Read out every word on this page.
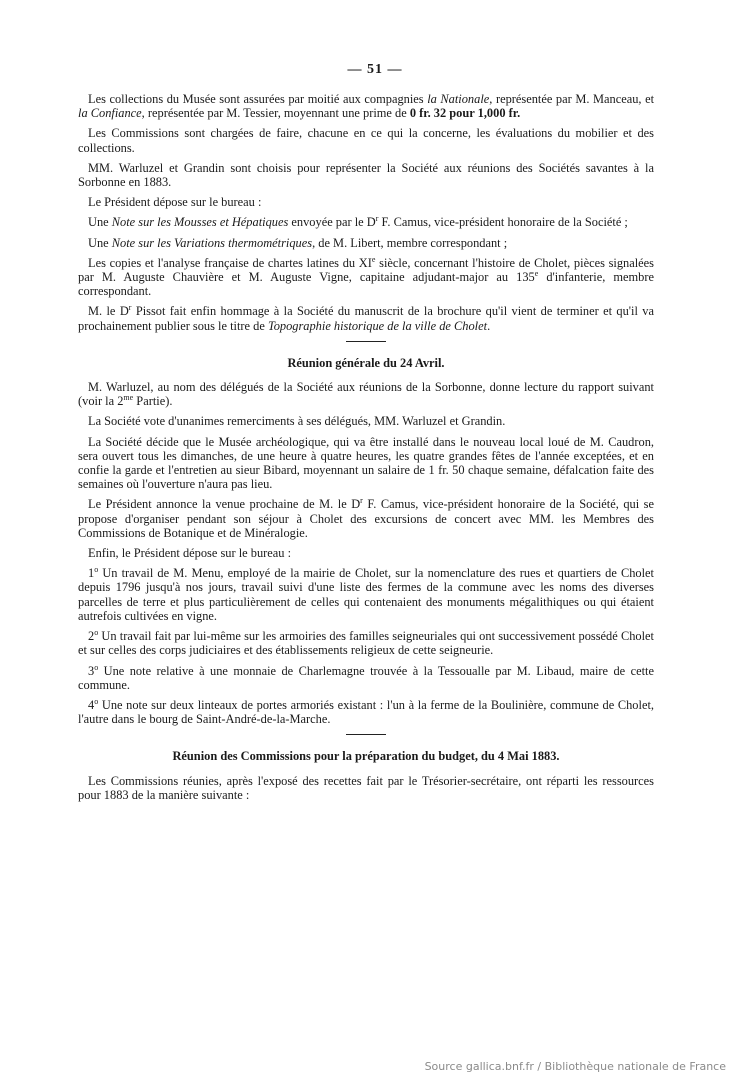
— 51 —

Les collections du Musée sont assurées par moitié aux compagnies la Nationale, représentée par M. Manceau, et la Confiance, représentée par M. Tessier, moyennant une prime de 0 fr. 32 pour 1,000 fr.

Les Commissions sont chargées de faire, chacune en ce qui la concerne, les évaluations du mobilier et des collections.

MM. Warluzel et Grandin sont choisis pour représenter la Société aux réunions des Sociétés savantes à la Sorbonne en 1883.

Le Président dépose sur le bureau :

Une Note sur les Mousses et Hépatiques envoyée par le $D^r$ F. Camus, vice-président honoraire de la Société ;

Une Note sur les Variations thermométriques, de M. Libert, membre correspondant ;

Les copies et l'analyse française de chartes latines du XIe siècle, concernant l'histoire de Cholet, pièces signalées par M. Auguste Chauvière et M. Auguste Vigne, capitaine adjudant-major au 135e d'infanterie, membre correspondant.

M. le $D^r$ Pissot fait enfin hommage à la Société du manuscrit de la brochure qu'il vient de terminer et qu'il va prochainement publier sous le titre de Topographie historique de la ville de Cholet.

Réunion générale du 24 Avril.

M. Warluzel, au nom des délégués de la Société aux réunions de la Sorbonne, donne lecture du rapport suivant (voir la $2^{me}$ Partie).

La Société vote d'unanimes remerciments à ses délégués, MM. Warluzel et Grandin.

La Société décide que le Musée archéologique, qui va être installé dans le nouveau local loué de M. Caudron, sera ouvert tous les dimanches, de une heure à quatre heures, les quatre grandes fêtes de l'année exceptées, et en confie la garde et l'entretien au sieur Bibard, moyennant un salaire de 1 fr. 50 chaque semaine, défalcation faite des semaines où l'ouverture n'aura pas lieu.

Le Président annonce la venue prochaine de M. le $D^r$ F. Camus, vice-président honoraire de la Société, qui se propose d'organiser pendant son séjour à Cholet des excursions de concert avec MM. les Membres des Commissions de Botanique et de Minéralogie.

Enfin, le Président dépose sur le bureau :

1$^o$ Un travail de M. Menu, employé de la mairie de Cholet, sur la nomenclature des rues et quartiers de Cholet depuis 1796 jusqu'à nos jours, travail suivi d'une liste des fermes de la commune avec les noms des diverses parcelles de terre et plus particulièrement de celles qui contenaient des monuments mégalithiques ou qui étaient autrefois cultivées en vigne.

2$^o$ Un travail fait par lui-même sur les armoiries des familles seigneuriales qui ont successivement possédé Cholet et sur celles des corps judiciaires et des établissements religieux de cette seigneurie.

3$^o$ Une note relative à une monnaie de Charlemagne trouvée à la Tessoualle par M. Libaud, maire de cette commune.

4$^o$ Une note sur deux linteaux de portes armoriés existant : l'un à la ferme de la Boulinière, commune de Cholet, l'autre dans le bourg de Saint-André-de-la-Marche.

Réunion des Commissions pour la préparation du budget, du 4 Mai 1883.

Les Commissions réunies, après l'exposé des recettes fait par le Trésorier-secrétaire, ont réparti les ressources pour 1883 de la manière suivante :

Source gallica.bnf.fr / Bibliothèque nationale de France
